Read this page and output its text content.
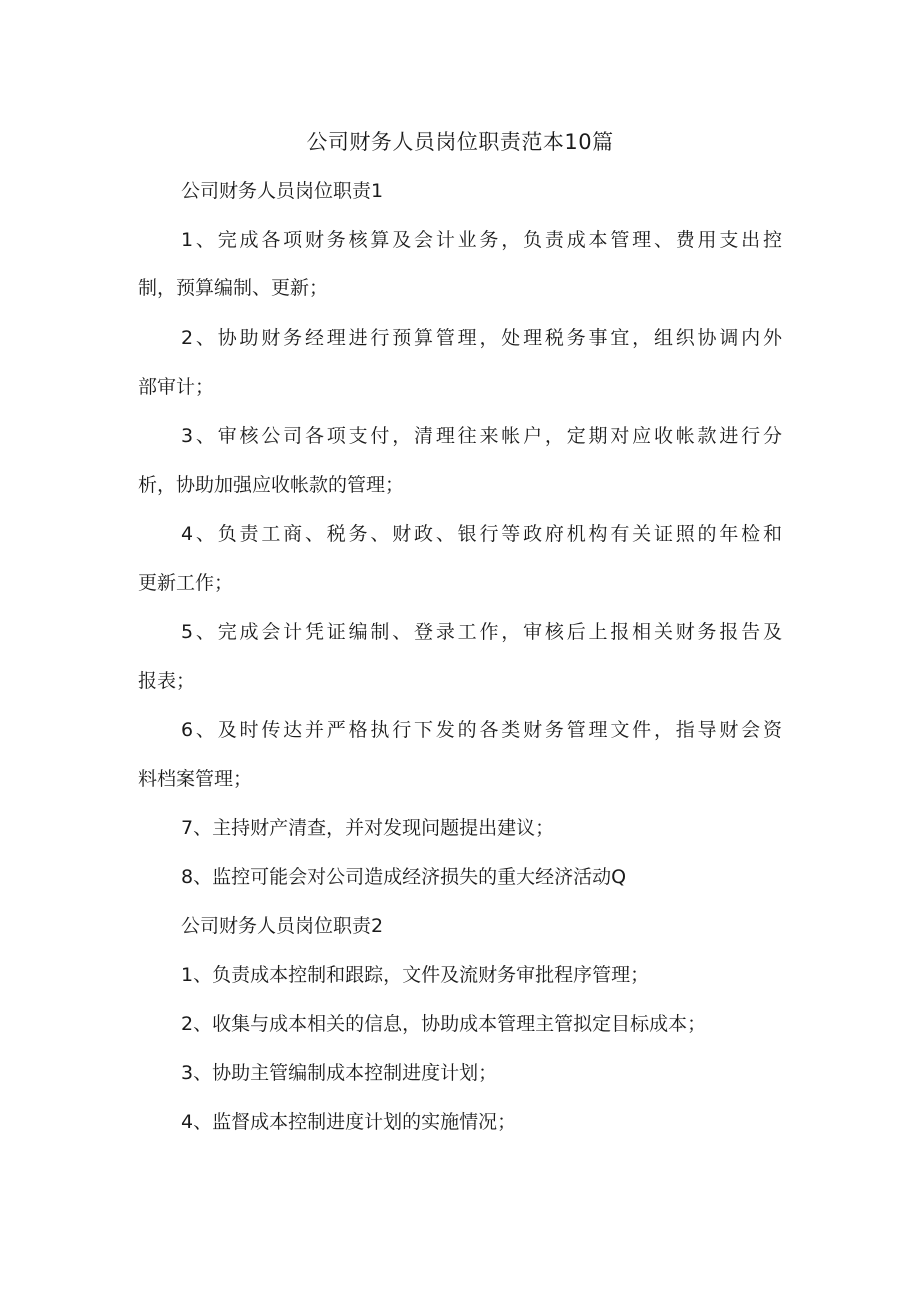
公司财务人员岗位职责范本10篇
公司财务人员岗位职责1
1、完成各项财务核算及会计业务，负责成本管理、费用支出控
制，预算编制、更新；
2、协助财务经理进行预算管理，处理税务事宜，组织协调内外
部审计；
3、审核公司各项支付，清理往来帐户，定期对应收帐款进行分
析，协助加强应收帐款的管理；
4、负责工商、税务、财政、银行等政府机构有关证照的年检和
更新工作；
5、完成会计凭证编制、登录工作，审核后上报相关财务报告及
报表；
6、及时传达并严格执行下发的各类财务管理文件，指导财会资
料档案管理；
7、主持财产清查，并对发现问题提出建议；
8、监控可能会对公司造成经济损失的重大经济活动Q
公司财务人员岗位职责2
1、负责成本控制和跟踪，文件及流财务审批程序管理；
2、收集与成本相关的信息，协助成本管理主管拟定目标成本；
3、协助主管编制成本控制进度计划；
4、监督成本控制进度计划的实施情况；
